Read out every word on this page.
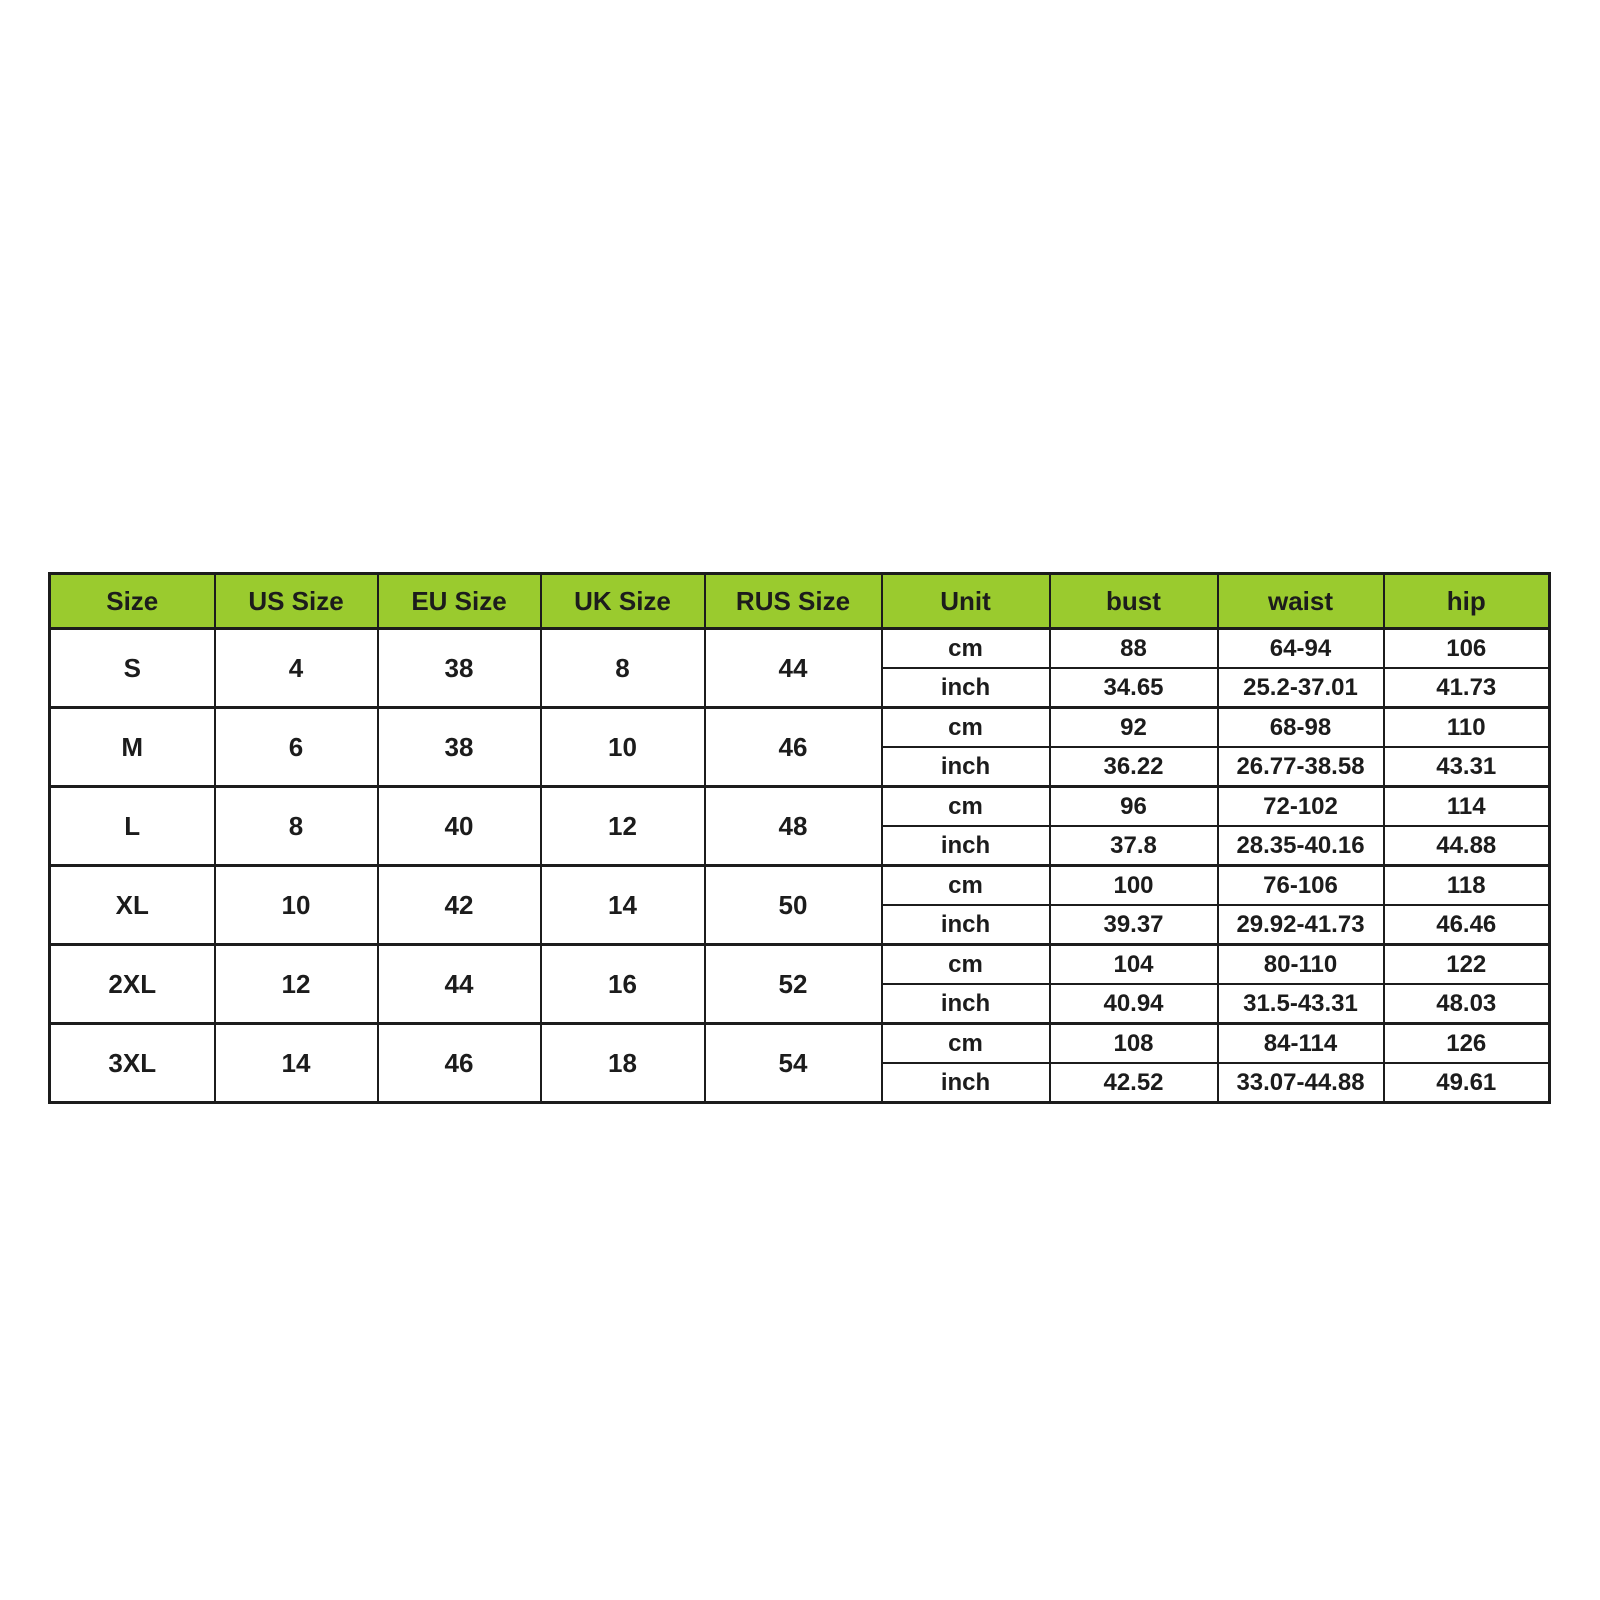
Size	US Size	EU Size	UK Size	RUS Size	Unit	bust	waist	hip
S	4	38	8	44	cm	88	64-94	106
					inch	34.65	25.2-37.01	41.73
M	6	38	10	46	cm	92	68-98	110
					inch	36.22	26.77-38.58	43.31
L	8	40	12	48	cm	96	72-102	114
					inch	37.8	28.35-40.16	44.88
XL	10	42	14	50	cm	100	76-106	118
					inch	39.37	29.92-41.73	46.46
2XL	12	44	16	52	cm	104	80-110	122
					inch	40.94	31.5-43.31	48.03
3XL	14	46	18	54	cm	108	84-114	126
					inch	42.52	33.07-44.88	49.61
